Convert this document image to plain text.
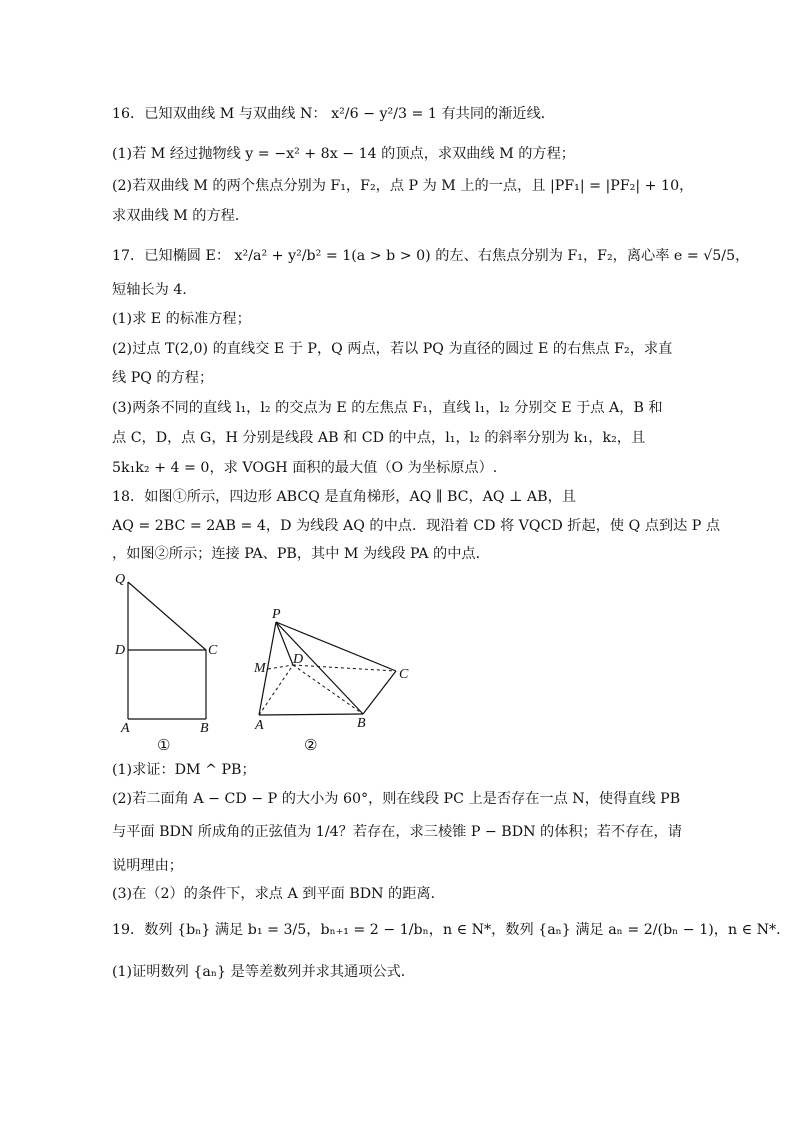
16．已知双曲线 M 与双曲线 N： x²/6 − y²/3 = 1 有共同的渐近线．
(1)若 M 经过抛物线 y = −x² + 8x − 14 的顶点，求双曲线 M 的方程；
(2)若双曲线 M 的两个焦点分别为 F₁，F₂，点 P 为 M 上的一点，且 |PF₁| = |PF₂| + 10，
求双曲线 M 的方程．
17．已知椭圆 E： x²/a² + y²/b² = 1(a > b > 0) 的左、右焦点分别为 F₁，F₂，离心率 e = √5/5，
短轴长为 4.
(1)求 E 的标准方程；
(2)过点 T(2,0) 的直线交 E 于 P，Q 两点，若以 PQ 为直径的圆过 E 的右焦点 F₂，求直
线 PQ 的方程；
(3)两条不同的直线 l₁，l₂ 的交点为 E 的左焦点 F₁，直线 l₁，l₂ 分别交 E 于点 A，B 和
点 C，D，点 G，H 分别是线段 AB 和 CD 的中点，l₁，l₂ 的斜率分别为 k₁，k₂，且
5k₁k₂ + 4 = 0，求 VOGH 面积的最大值（O 为坐标原点）.
18．如图①所示，四边形 ABCQ 是直角梯形，AQ ∥ BC，AQ ⊥ AB，且
AQ = 2BC = 2AB = 4，D 为线段 AQ 的中点．现沿着 CD 将 VQCD 折起，使 Q 点到达 P 点
，如图②所示；连接 PA、PB，其中 M 为线段 PA 的中点．
Q
D	C
A	B
①
P
M
D
C
A	B
②
(1)求证：DM ^ PB；
(2)若二面角 A − CD − P 的大小为 60°，则在线段 PC 上是否存在一点 N，使得直线 PB
与平面 BDN 所成角的正弦值为 1/4？若存在，求三棱锥 P − BDN 的体积；若不存在，请
说明理由；
(3)在（2）的条件下，求点 A 到平面 BDN 的距离．
19．数列 {bₙ} 满足 b₁ = 3/5，bₙ₊₁ = 2 − 1/bₙ，n ∈ N*，数列 {aₙ} 满足 aₙ = 2/(bₙ − 1)，n ∈ N*．
(1)证明数列 {aₙ} 是等差数列并求其通项公式．
